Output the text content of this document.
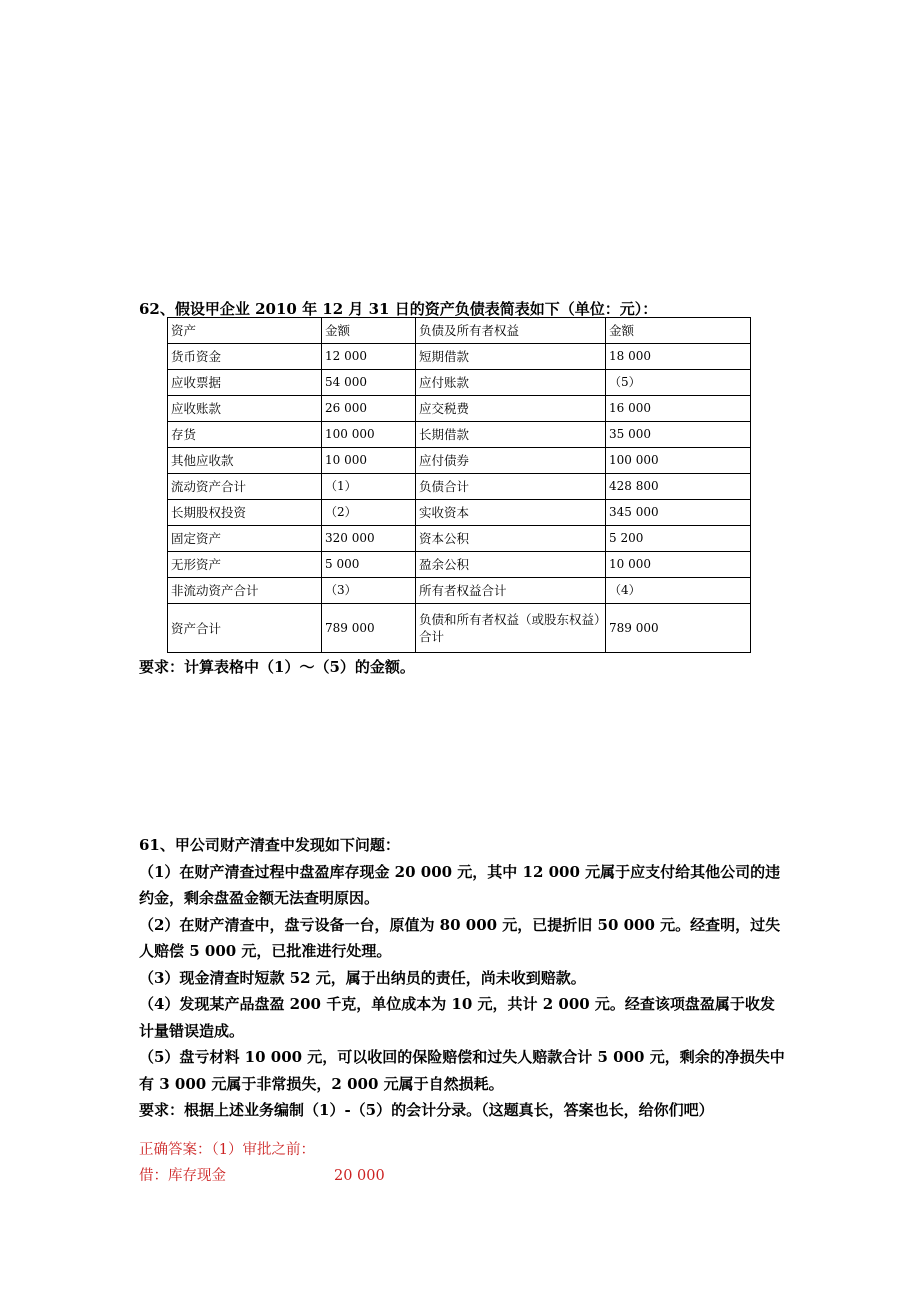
62、假设甲企业 2010 年 12 月 31 日的资产负债表简表如下（单位：元）：
资产	金额	负债及所有者权益	金额
货币资金	12 000	短期借款	18 000
应收票据	54 000	应付账款	（5）
应收账款	26 000	应交税费	16 000
存货	100 000	长期借款	35 000
其他应收款	10 000	应付债券	100 000
流动资产合计	（1）	负债合计	428 800
长期股权投资	（2）	实收资本	345 000
固定资产	320 000	资本公积	5 200
无形资产	5 000	盈余公积	10 000
非流动资产合计	（3）	所有者权益合计	（4）
资产合计	789 000	负债和所有者权益（或股东权益）合计	789 000
要求：计算表格中（1）～（5）的金额。

61、甲公司财产清查中发现如下问题：

（1）在财产清查过程中盘盈库存现金 20 000 元，其中 12 000 元属于应支付给其他公司的违约金，剩余盘盈金额无法查明原因。

（2）在财产清查中，盘亏设备一台，原值为 80 000 元，已提折旧 50 000 元。经查明，过失人赔偿 5 000 元，已批准进行处理。

（3）现金清查时短款 52 元，属于出纳员的责任，尚未收到赔款。

（4）发现某产品盘盈 200 千克，单位成本为 10 元，共计 2 000 元。经查该项盘盈属于收发计量错误造成。

（5）盘亏材料 10 000 元，可以收回的保险赔偿和过失人赔款合计 5 000 元，剩余的净损失中有 3 000 元属于非常损失，2 000 元属于自然损耗。

要求：根据上述业务编制（1）-（5）的会计分录。（这题真长，答案也长，给你们吧）

正确答案：（1）审批之前：

借：库存现金	20 000
